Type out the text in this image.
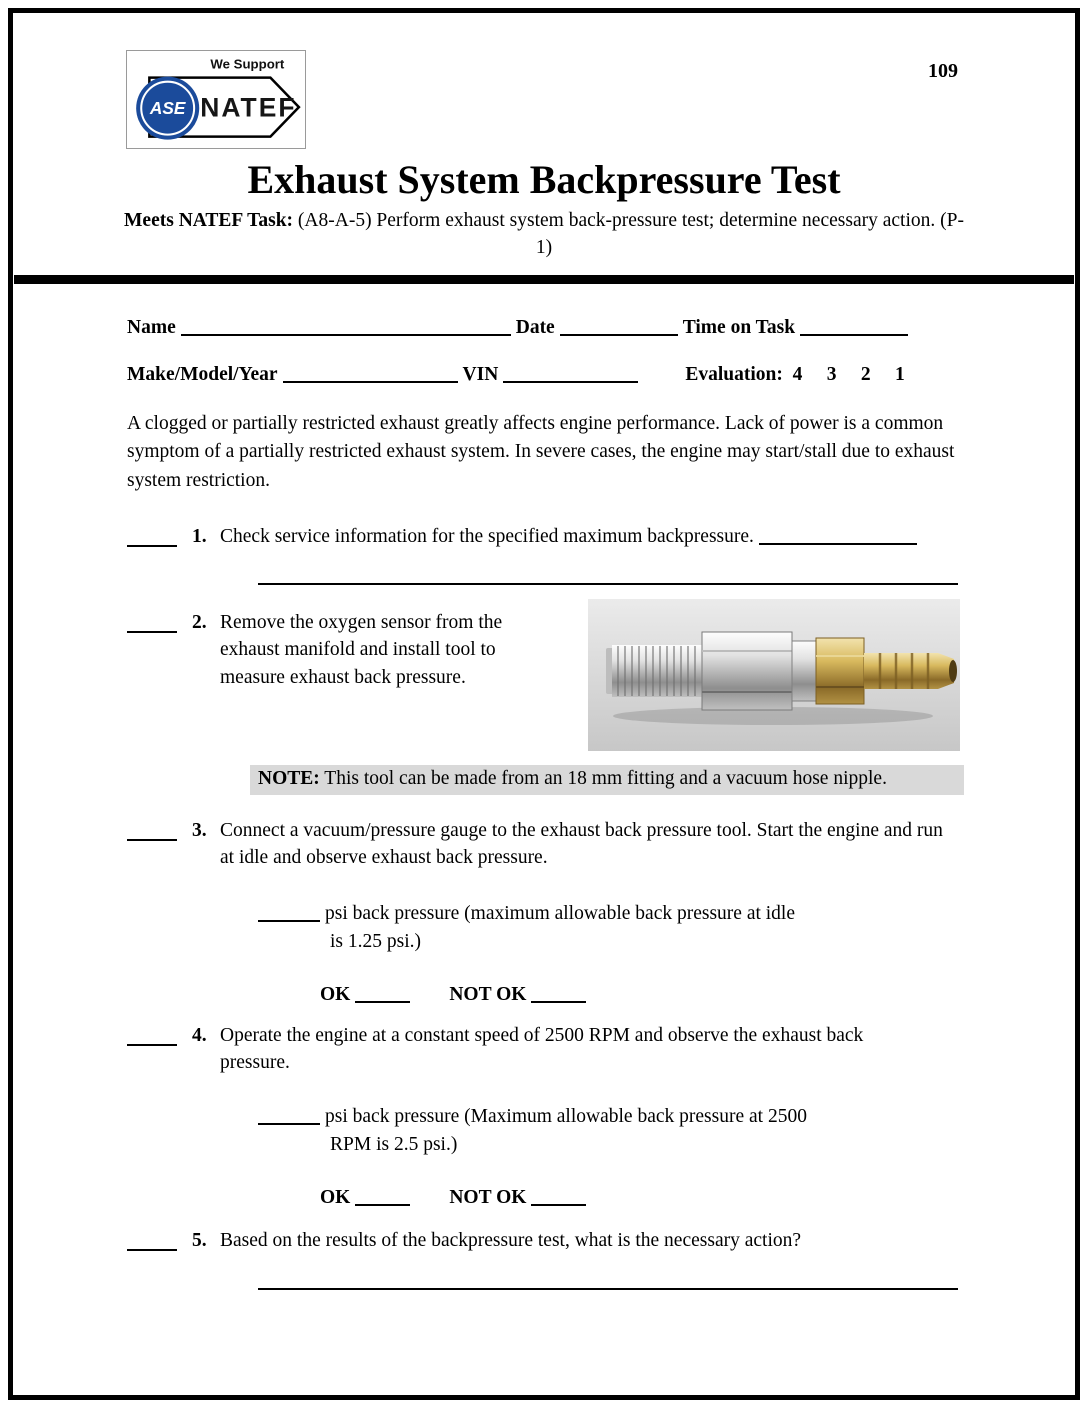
We Support
NATEF
ASE
109
Exhaust System Backpressure Test

Meets NATEF Task: (A8-A-5) Perform exhaust system back-pressure test; determine necessary action. (P-1)

Name	Date	Time on Task
Make/Model/Year	VIN	Evaluation: 4     3     2     1

A clogged or partially restricted exhaust greatly affects engine performance. Lack of power is a common symptom of a partially restricted exhaust system. In severe cases, the engine may start/stall due to exhaust system restriction.

1. Check service information for the specified maximum backpressure.
2. Remove the oxygen sensor from the exhaust manifold and install tool to measure exhaust back pressure.
NOTE: This tool can be made from an 18 mm fitting and a vacuum hose nipple.
3. Connect a vacuum/pressure gauge to the exhaust back pressure tool. Start the engine and run at idle and observe exhaust back pressure.
psi back pressure (maximum allowable back pressure at idle
is 1.25 psi.)
OK	NOT OK
4. Operate the engine at a constant speed of 2500 RPM and observe the exhaust back pressure.
psi back pressure (Maximum allowable back pressure at 2500
RPM is 2.5 psi.)
OK	NOT OK
5. Based on the results of the backpressure test, what is the necessary action?
